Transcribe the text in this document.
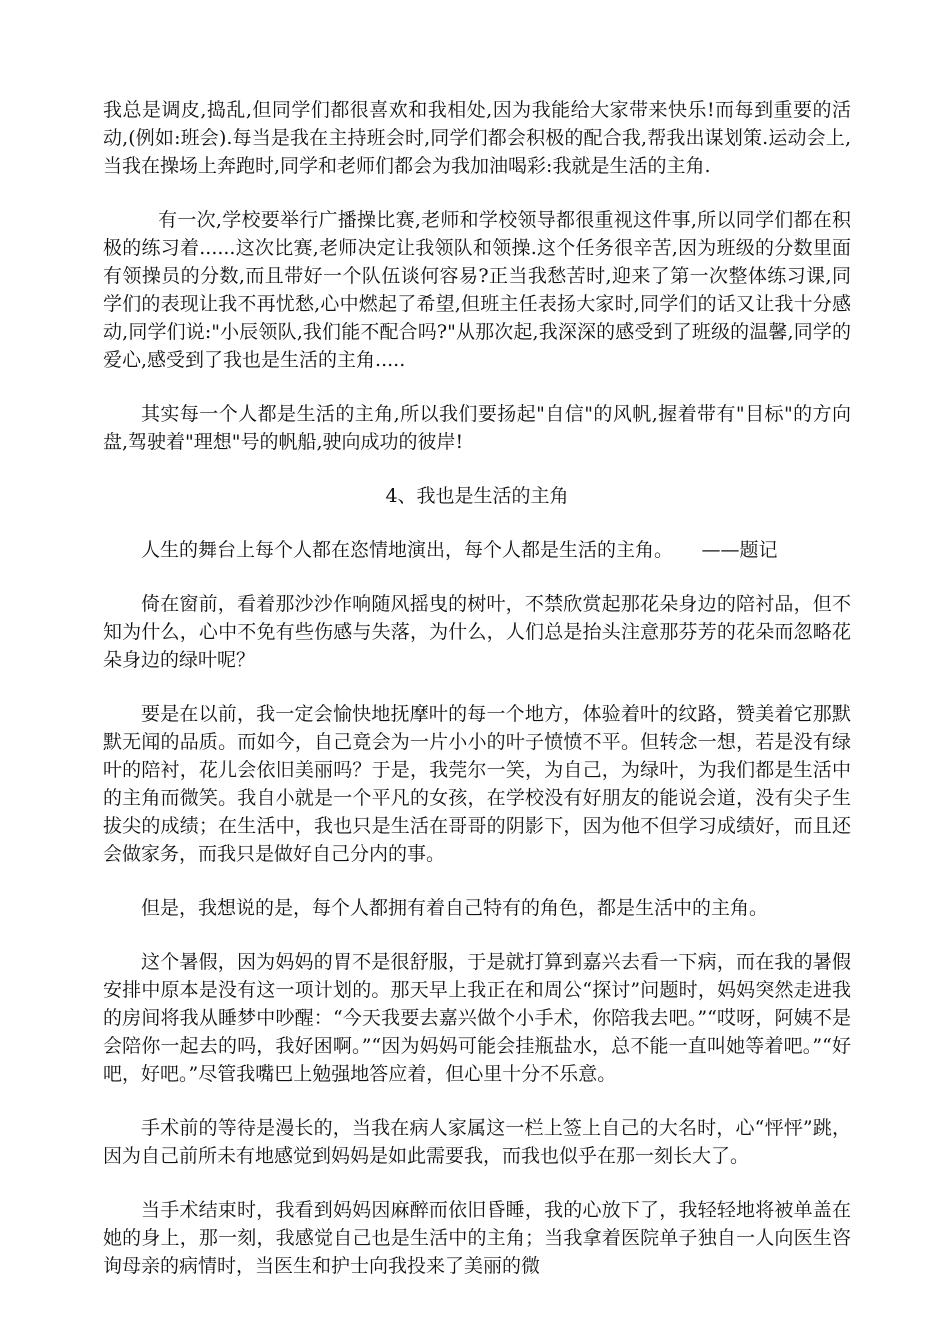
我总是调皮,捣乱,但同学们都很喜欢和我相处,因为我能给大家带来快乐!而每到重要的活动,(例如:班会).每当是我在主持班会时,同学们都会积极的配合我,帮我出谋划策.运动会上,当我在操场上奔跑时,同学和老师们都会为我加油喝彩:我就是生活的主角.

有一次,学校要举行广播操比赛,老师和学校领导都很重视这件事,所以同学们都在积极的练习着......这次比赛,老师决定让我领队和领操.这个任务很辛苦,因为班级的分数里面有领操员的分数,而且带好一个队伍谈何容易?正当我愁苦时,迎来了第一次整体练习课,同学们的表现让我不再忧愁,心中燃起了希望,但班主任表扬大家时,同学们的话又让我十分感动,同学们说:"小辰领队,我们能不配合吗?"从那次起,我深深的感受到了班级的温馨,同学的爱心,感受到了我也是生活的主角.....

其实每一个人都是生活的主角,所以我们要扬起"自信"的风帆,握着带有"目标"的方向盘,驾驶着"理想"号的帆船,驶向成功的彼岸!

4、我也是生活的主角

人生的舞台上每个人都在恣情地演出，每个人都是生活的主角。　　——题记

倚在窗前，看着那沙沙作响随风摇曳的树叶，不禁欣赏起那花朵身边的陪衬品，但不知为什么，心中不免有些伤感与失落，为什么，人们总是抬头注意那芬芳的花朵而忽略花朵身边的绿叶呢？

要是在以前，我一定会愉快地抚摩叶的每一个地方，体验着叶的纹路，赞美着它那默默无闻的品质。而如今，自己竟会为一片小小的叶子愤愤不平。但转念一想，若是没有绿叶的陪衬，花儿会依旧美丽吗？于是，我莞尔一笑，为自己，为绿叶，为我们都是生活中的主角而微笑。我自小就是一个平凡的女孩，在学校没有好朋友的能说会道，没有尖子生拔尖的成绩；在生活中，我也只是生活在哥哥的阴影下，因为他不但学习成绩好，而且还会做家务，而我只是做好自己分内的事。

但是，我想说的是，每个人都拥有着自己特有的角色，都是生活中的主角。

这个暑假，因为妈妈的胃不是很舒服，于是就打算到嘉兴去看一下病，而在我的暑假安排中原本是没有这一项计划的。那天早上我正在和周公“探讨”问题时，妈妈突然走进我的房间将我从睡梦中吵醒：“今天我要去嘉兴做个小手术，你陪我去吧。”“哎呀，阿姨不是会陪你一起去的吗，我好困啊。”“因为妈妈可能会挂瓶盐水，总不能一直叫她等着吧。”“好吧，好吧。”尽管我嘴巴上勉强地答应着，但心里十分不乐意。

手术前的等待是漫长的，当我在病人家属这一栏上签上自己的大名时，心“怦怦”跳，因为自己前所未有地感觉到妈妈是如此需要我，而我也似乎在那一刻长大了。

当手术结束时，我看到妈妈因麻醉而依旧昏睡，我的心放下了，我轻轻地将被单盖在她的身上，那一刻，我感觉自己也是生活中的主角；当我拿着医院单子独自一人向医生咨询母亲的病情时，当医生和护士向我投来了美丽的微
